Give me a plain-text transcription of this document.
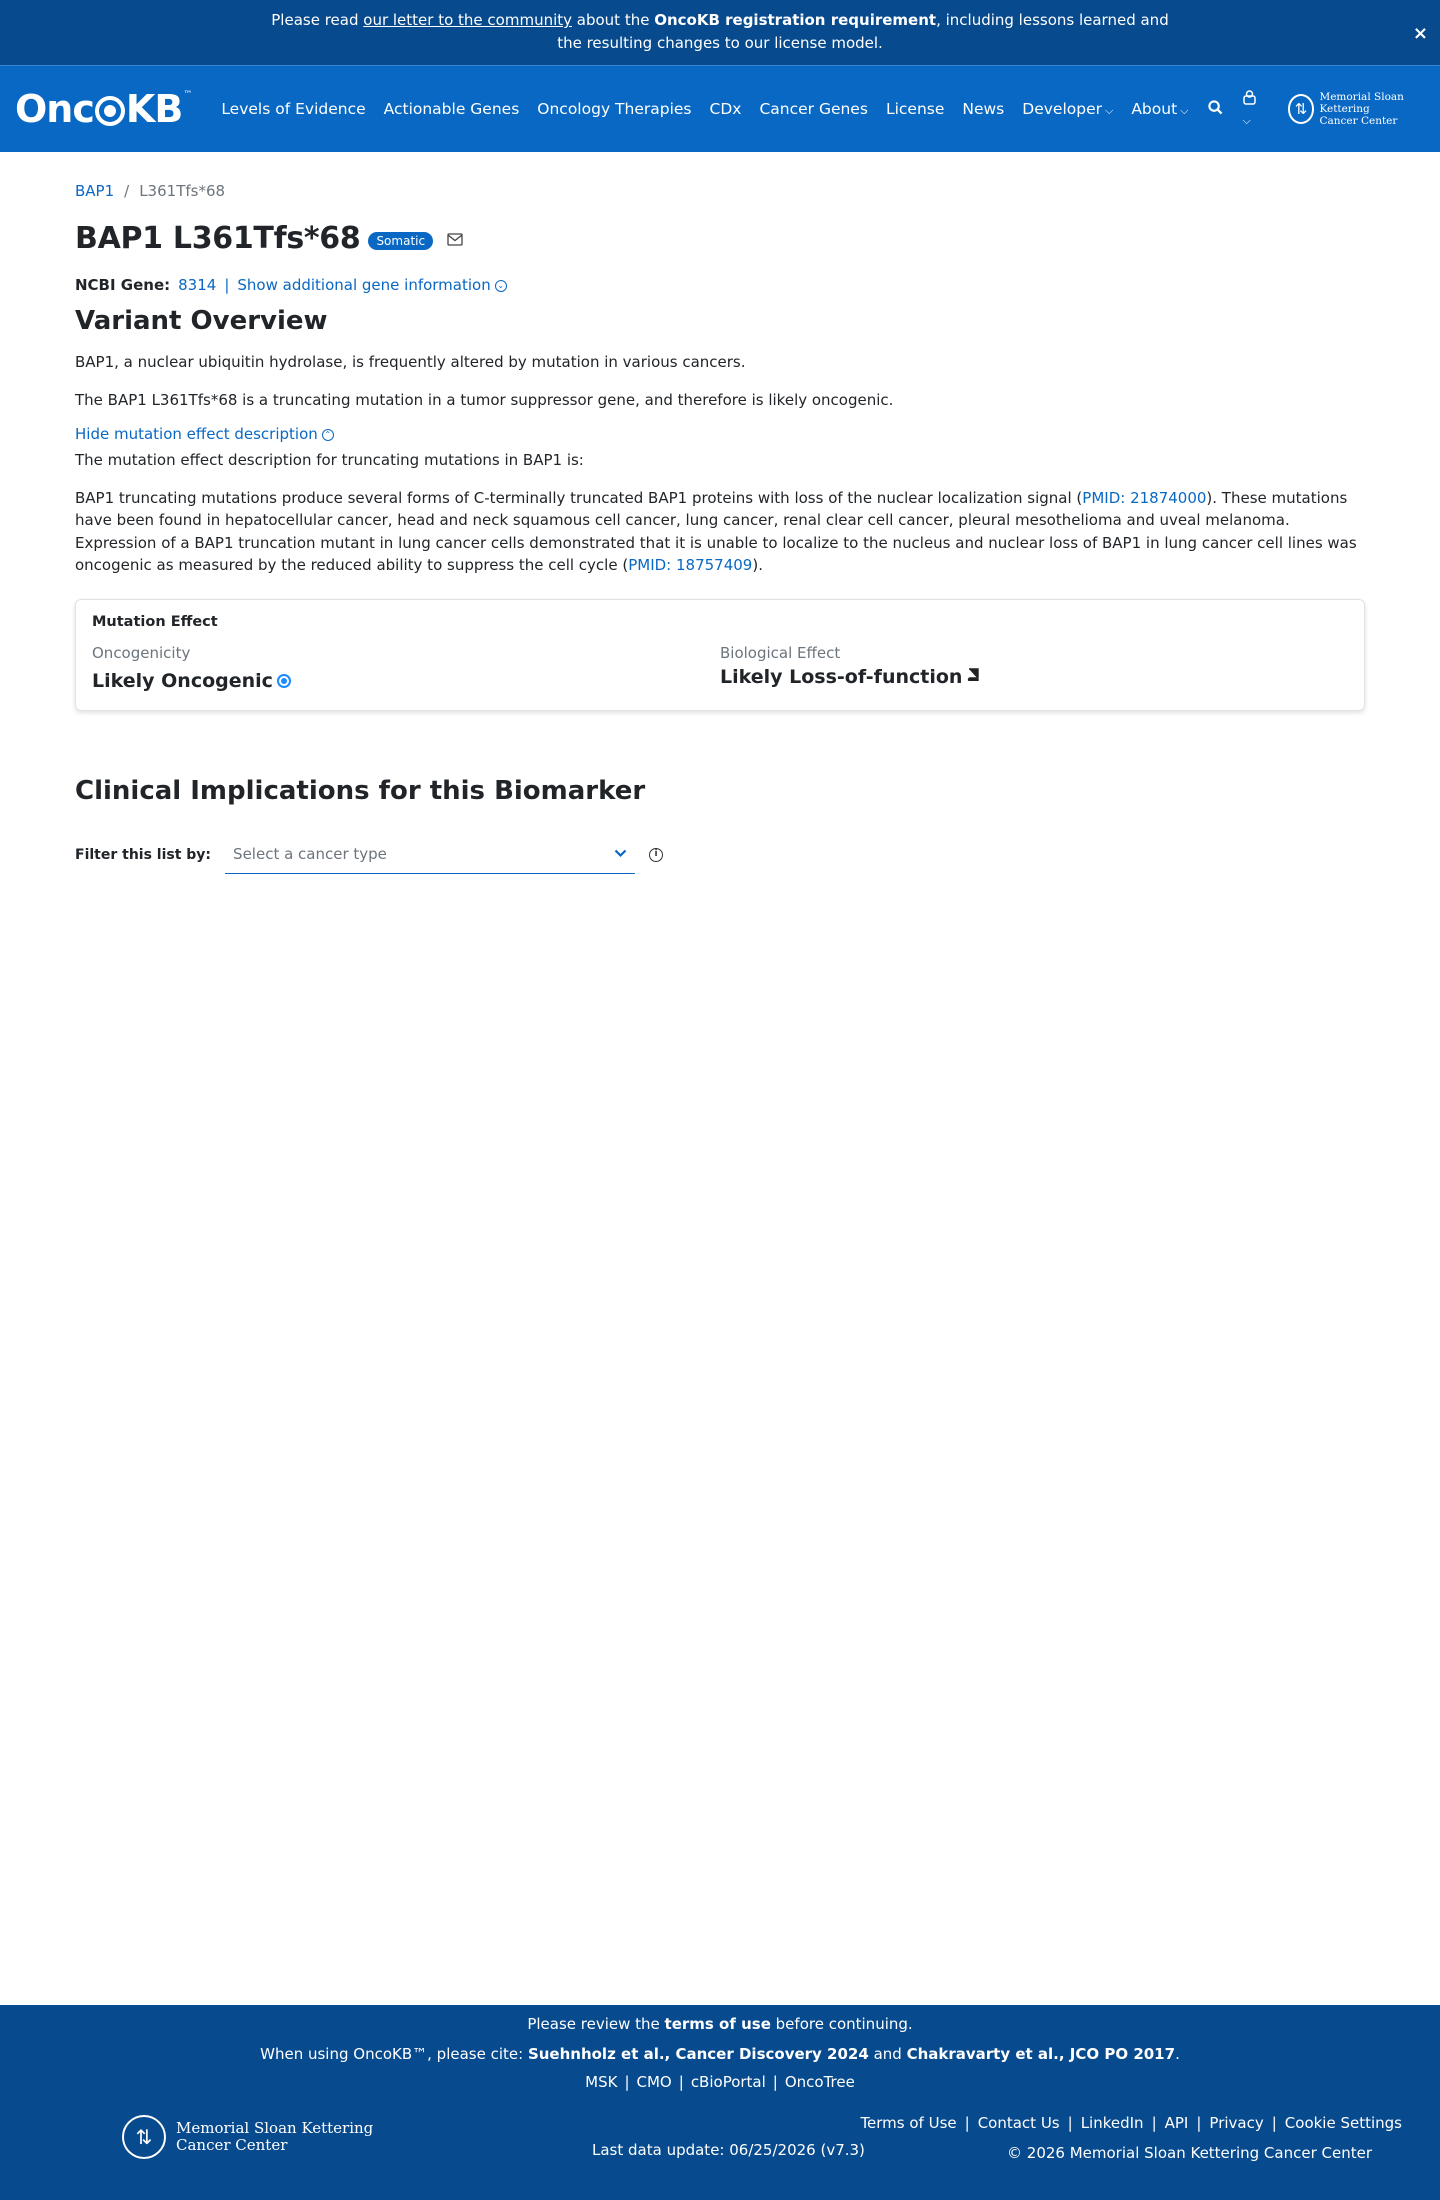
Please read our letter to the community about the OncoKB registration requirement, including lessons learned and
the resulting changes to our license model.	×
Onc KB™
Levels of Evidence Actionable Genes Oncology Therapies CDx Cancer Genes License News Developer ⌵ About ⌵
⌵
⇅
Memorial Sloan Kettering
Cancer Center
BAP1 / L361Tfs*68
BAP1 L361Tfs*68	Somatic
NCBI Gene: 8314 | Show additional gene information ⌄
Variant Overview

BAP1, a nuclear ubiquitin hydrolase, is frequently altered by mutation in various cancers.

The BAP1 L361Tfs*68 is a truncating mutation in a tumor suppressor gene, and therefore is likely oncogenic.

Hide mutation effect description ⌃

The mutation effect description for truncating mutations in BAP1 is:

BAP1 truncating mutations produce several forms of C-terminally truncated BAP1 proteins with loss of the nuclear localization signal (PMID: 21874000). These mutations have been found in hepatocellular cancer, head and neck squamous cell cancer, lung cancer, renal clear cell cancer, pleural mesothelioma and uveal melanoma. Expression of a BAP1 truncation mutant in lung cancer cells demonstrated that it is unable to localize to the nucleus and nuclear loss of BAP1 in lung cancer cell lines was oncogenic as measured by the reduced ability to suppress the cell cycle (PMID: 18757409).

Mutation Effect
Oncogenicity
Likely Oncogenic
Biological Effect
Likely Loss-of-function
Clinical Implications for this Biomarker
Filter this list by: Select a cancer type	i
Please review the terms of use before continuing.
When using OncoKB™, please cite: Suehnholz et al., Cancer Discovery 2024 and Chakravarty et al., JCO PO 2017.
MSK | CMO | cBioPortal | OncoTree
⇅	Memorial Sloan Kettering
Cancer Center	Last data update: 06/25/2026 (v7.3)
Terms of Use | Contact Us | LinkedIn | API | Privacy | Cookie Settings
© 2026 Memorial Sloan Kettering Cancer Center
